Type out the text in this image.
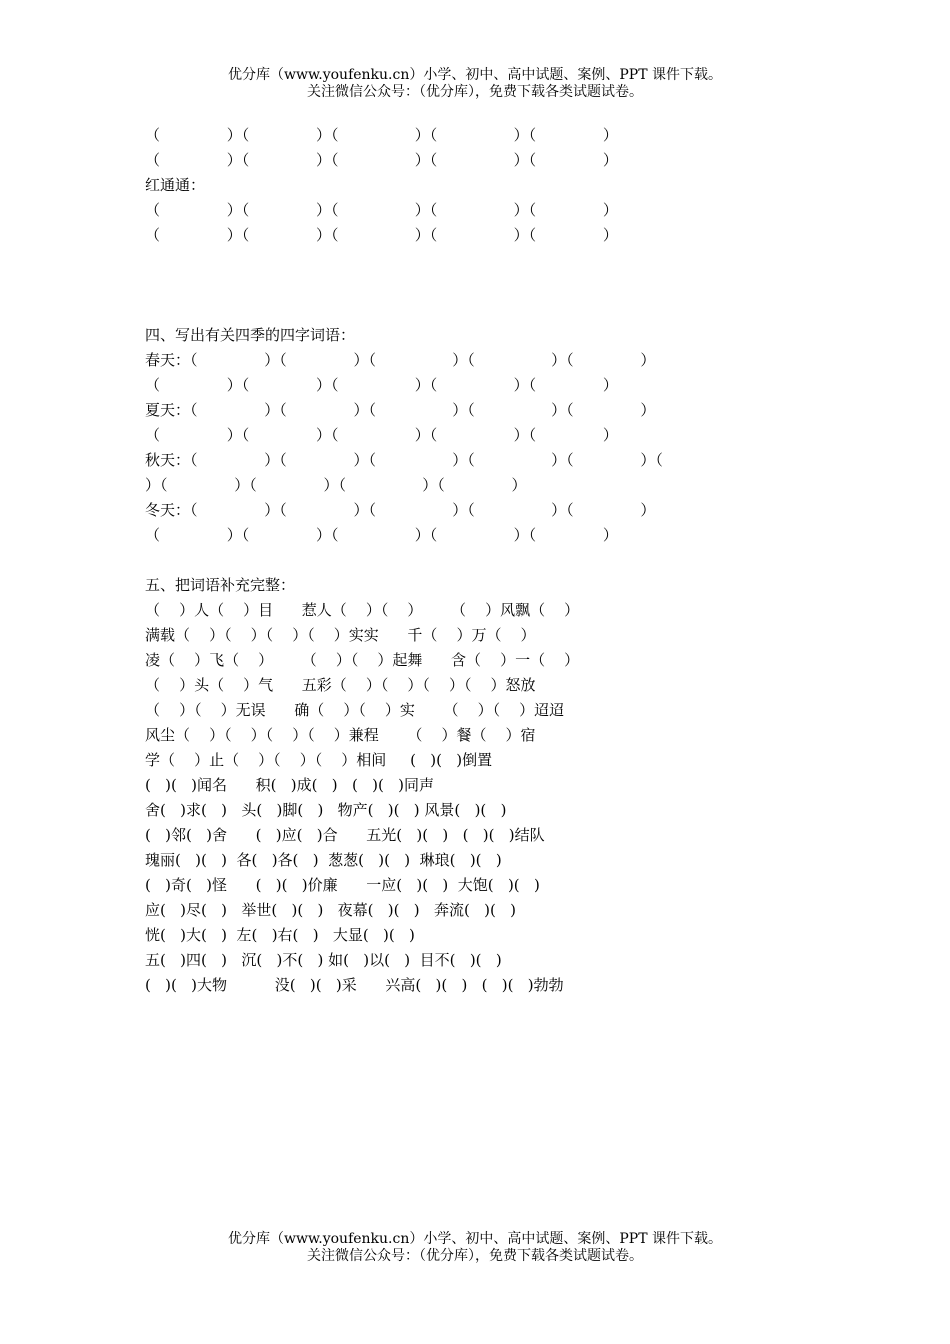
优分库（www.youfenku.cn）小学、初中、高中试题、案例、PPT 课件下载。
关注微信公众号：（优分库），免费下载各类试题试卷。
（              ）（              ）（                ）（                ）（              ）
（              ）（              ）（                ）（                ）（              ）
红通通：
（              ）（              ）（                ）（                ）（              ）
（              ）（              ）（                ）（                ）（              ）
四、写出有关四季的四字词语：
春天：（              ）（              ）（                ）（                ）（              ）
（              ）（              ）（                ）（                ）（              ）
夏天：（              ）（              ）（                ）（                ）（              ）
（              ）（              ）（                ）（                ）（              ）
秋天：（              ）（              ）（                ）（                ）（              ）（
）（              ）（              ）（                ）（              ）
冬天：（              ）（              ）（                ）（                ）（              ）
（              ）（              ）（                ）（                ）（              ）
五、把词语补充完整：
（    ）人（    ）目      惹人（    ）（    ）      （    ）风飘（    ）
满载（    ）（    ）（    ）（    ）实实      千（    ）万（    ）
凌（    ）飞（    ）      （    ）（    ）起舞      含（    ）一（    ）
（    ）头（    ）气      五彩（    ）（    ）（    ）（    ）怒放
（    ）（    ）无误      确（    ）（    ）实      （    ）（    ）迢迢
风尘（    ）（    ）（    ）（    ）兼程      （    ）餐（    ）宿
学（    ）止（    ）（    ）（    ）相间     (   )(   )倒置
(   )(   )闻名      积(   )成(   )   (   )(   )同声
舍(   )求(   )   头(   )脚(   )   物产(   )(   ) 风景(   )(   )
(   )邻(   )舍      (   )应(   )合      五光(   )(   )   (   )(   )结队
瑰丽(   )(   )  各(   )各(   )  葱葱(   )(   )  琳琅(   )(   )
(   )奇(   )怪      (   )(   )价廉      一应(   )(   )  大饱(   )(   )
应(   )尽(   )   举世(   )(   )   夜幕(   )(   )   奔流(   )(   )
恍(   )大(   )  左(   )右(   )   大显(   )(   )
五(   )四(   )   沉(   )不(   ) 如(   )以(   )  目不(   )(   )
(   )(   )大物          没(   )(   )采      兴高(   )(   )   (   )(   )勃勃
优分库（www.youfenku.cn）小学、初中、高中试题、案例、PPT 课件下载。
关注微信公众号：（优分库），免费下载各类试题试卷。
